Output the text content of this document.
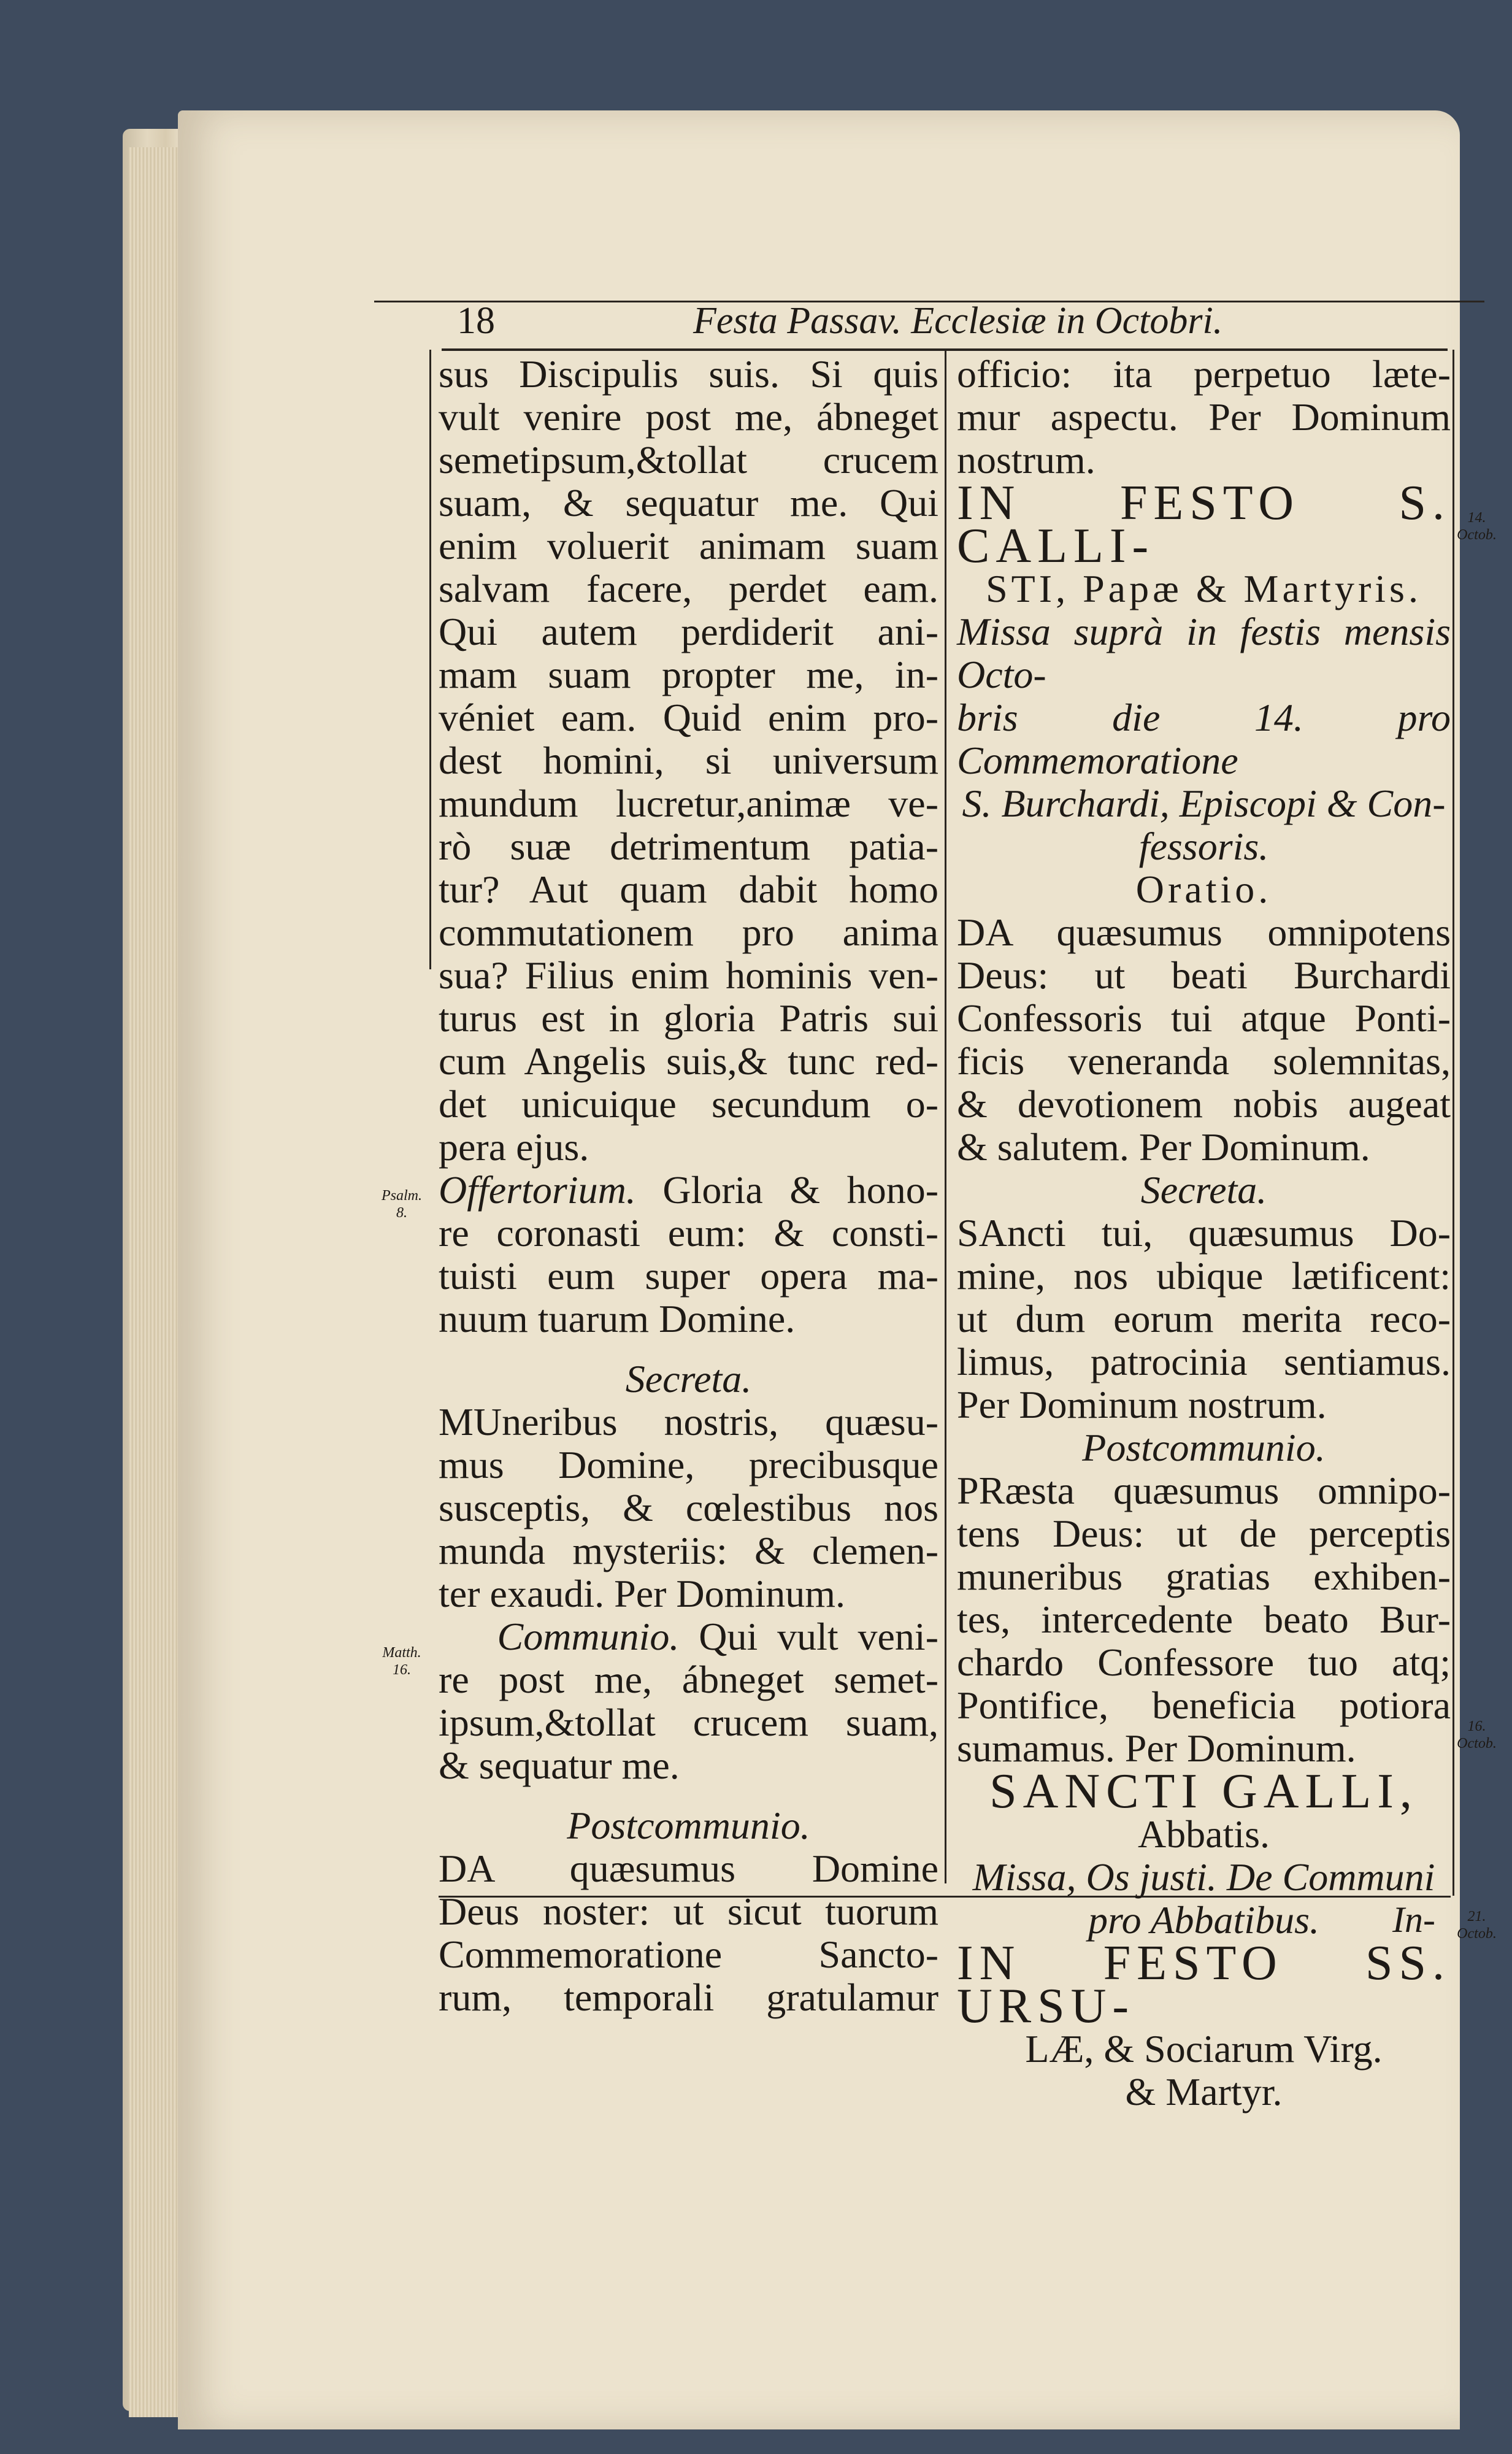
18	Festa Passav. Ecclesiæ in Octobri.

sus Discipulis suis. Si quis

vult venire post me, ábneget

semetipsum,&tollat crucem

suam, & sequatur me. Qui

enim voluerit animam suam

salvam facere, perdet eam.

Qui autem perdiderit ani-

mam suam propter me, in-

véniet eam. Quid enim pro-

dest homini, si universum

mundum lucretur,animæ ve-

rò suæ detrimentum patia-

tur? Aut quam dabit homo

commutationem pro anima

sua? Filius enim hominis ven-

turus est in gloria Patris sui

cum Angelis suis,& tunc red-

det unicuique secundum o-

pera ejus.

Offertorium. Gloria & hono-

re coronasti eum: & consti-

tuisti eum super opera ma-

nuum tuarum Domine.

Secreta.

MUneribus nostris, quæsu-

mus Domine, precibusque

susceptis, & cœlestibus nos

munda mysteriis: & clemen-

ter exaudi. Per Dominum.

Communio. Qui vult veni-

re post me, ábneget semet-

ipsum,&tollat crucem suam,

& sequatur me.

Postcommunio.

DA quæsumus Domine

Deus noster: ut sicut tuorum

Commemoratione Sancto-

rum, temporali gratulamur

officio: ita perpetuo læte-

mur aspectu. Per Dominum

nostrum.

IN FESTO S. CALLI-

STI, Papæ & Martyris.

Missa suprà in festis mensis Octo-

bris die 14. pro Commemoratione

S. Burchardi, Episcopi & Con-

fessoris.

Oratio.

DA quæsumus omnipotens

Deus: ut beati Burchardi

Confessoris tui atque Ponti-

ficis veneranda solemnitas,

& devotionem nobis augeat

& salutem. Per Dominum.

Secreta.

SAncti tui, quæsumus Do-

mine, nos ubique lætificent:

ut dum eorum merita reco-

limus, patrocinia sentiamus.

Per Dominum nostrum.

Postcommunio.

PRæsta quæsumus omnipo-

tens Deus: ut de perceptis

muneribus gratias exhiben-

tes, intercedente beato Bur-

chardo Confessore tuo atq;

Pontifice, beneficia potiora

sumamus. Per Dominum.

SANCTI GALLI,

Abbatis.

Missa, Os justi. De Communi pro Abbatibus.

IN FESTO SS. URSU-

LÆ, & Sociarum Virg.

& Martyr.

In-
Psalm. 8.
Matth. 16.
14. Octob.
16. Octob.
21. Octob.
